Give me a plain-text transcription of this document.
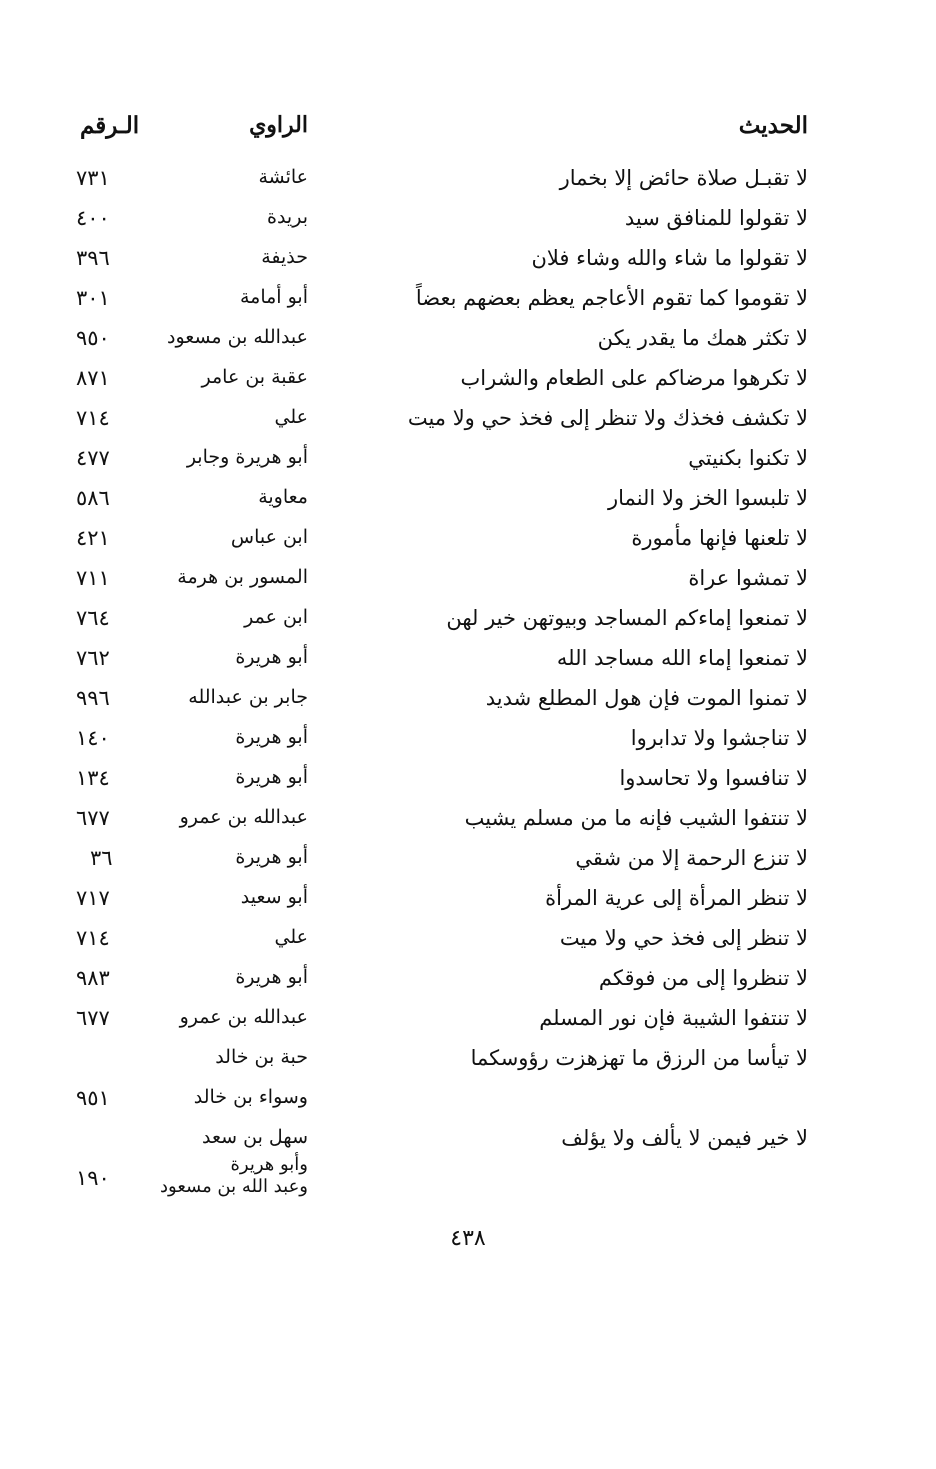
الحديث
الراوي
الـرقم
لا تقبـل صلاة حائض إلا بخمار
عائشة
٧٣١
لا تقولوا للمنافق سيد
بريدة
٤٠٠
لا تقولوا ما شاء والله وشاء فلان
حذيفة
٣٩٦
لا تقوموا كما تقوم الأعاجم يعظم بعضهم بعضاً
أبو أمامة
٣٠١
لا تكثر همك ما يقدر يكن
عبدالله بن مسعود
٩٥٠
لا تكرهوا مرضاكم على الطعام والشراب
عقبة بن عامر
٨٧١
لا تكشف فخذك ولا تنظر إلى فخذ حي ولا ميت
علي
٧١٤
لا تكنوا بكنيتي
أبو هريرة وجابر
٤٧٧
لا تلبسوا الخز ولا النمار
معاوية
٥٨٦
لا تلعنها فإنها مأمورة
ابن عباس
٤٢١
لا تمشوا عراة
المسور بن هرمة
٧١١
لا تمنعوا إماءكم المساجد وبيوتهن خير لهن
ابن عمر
٧٦٤
لا تمنعوا إماء الله مساجد الله
أبو هريرة
٧٦٢
لا تمنوا الموت فإن هول المطلع شديد
جابر بن عبدالله
٩٩٦
لا تناجشوا ولا تدابروا
أبو هريرة
١٤٠
لا تنافسوا ولا تحاسدوا
أبو هريرة
١٣٤
لا تنتفوا الشيب فإنه ما من مسلم يشيب
عبدالله بن عمرو
٦٧٧
لا تنزع الرحمة إلا من شقي
أبو هريرة
٣٦
لا تنظر المرأة إلى عرية المرأة
أبو سعيد
٧١٧
لا تنظر إلى فخذ حي ولا ميت
علي
٧١٤
لا تنظروا إلى من فوقكم
أبو هريرة
٩٨٣
لا تنتفوا الشيبة فإن نور المسلم
عبدالله بن عمرو
٦٧٧
لا تيأسا من الرزق ما تهزهزت رؤوسكما
حبة بن خالد
وسواء بن خالد
٩٥١
لا خير فيمن لا يألف ولا يؤلف
سهل بن سعد
وأبو هريرة
وعبد الله بن مسعود
١٩٠
٤٣٨
